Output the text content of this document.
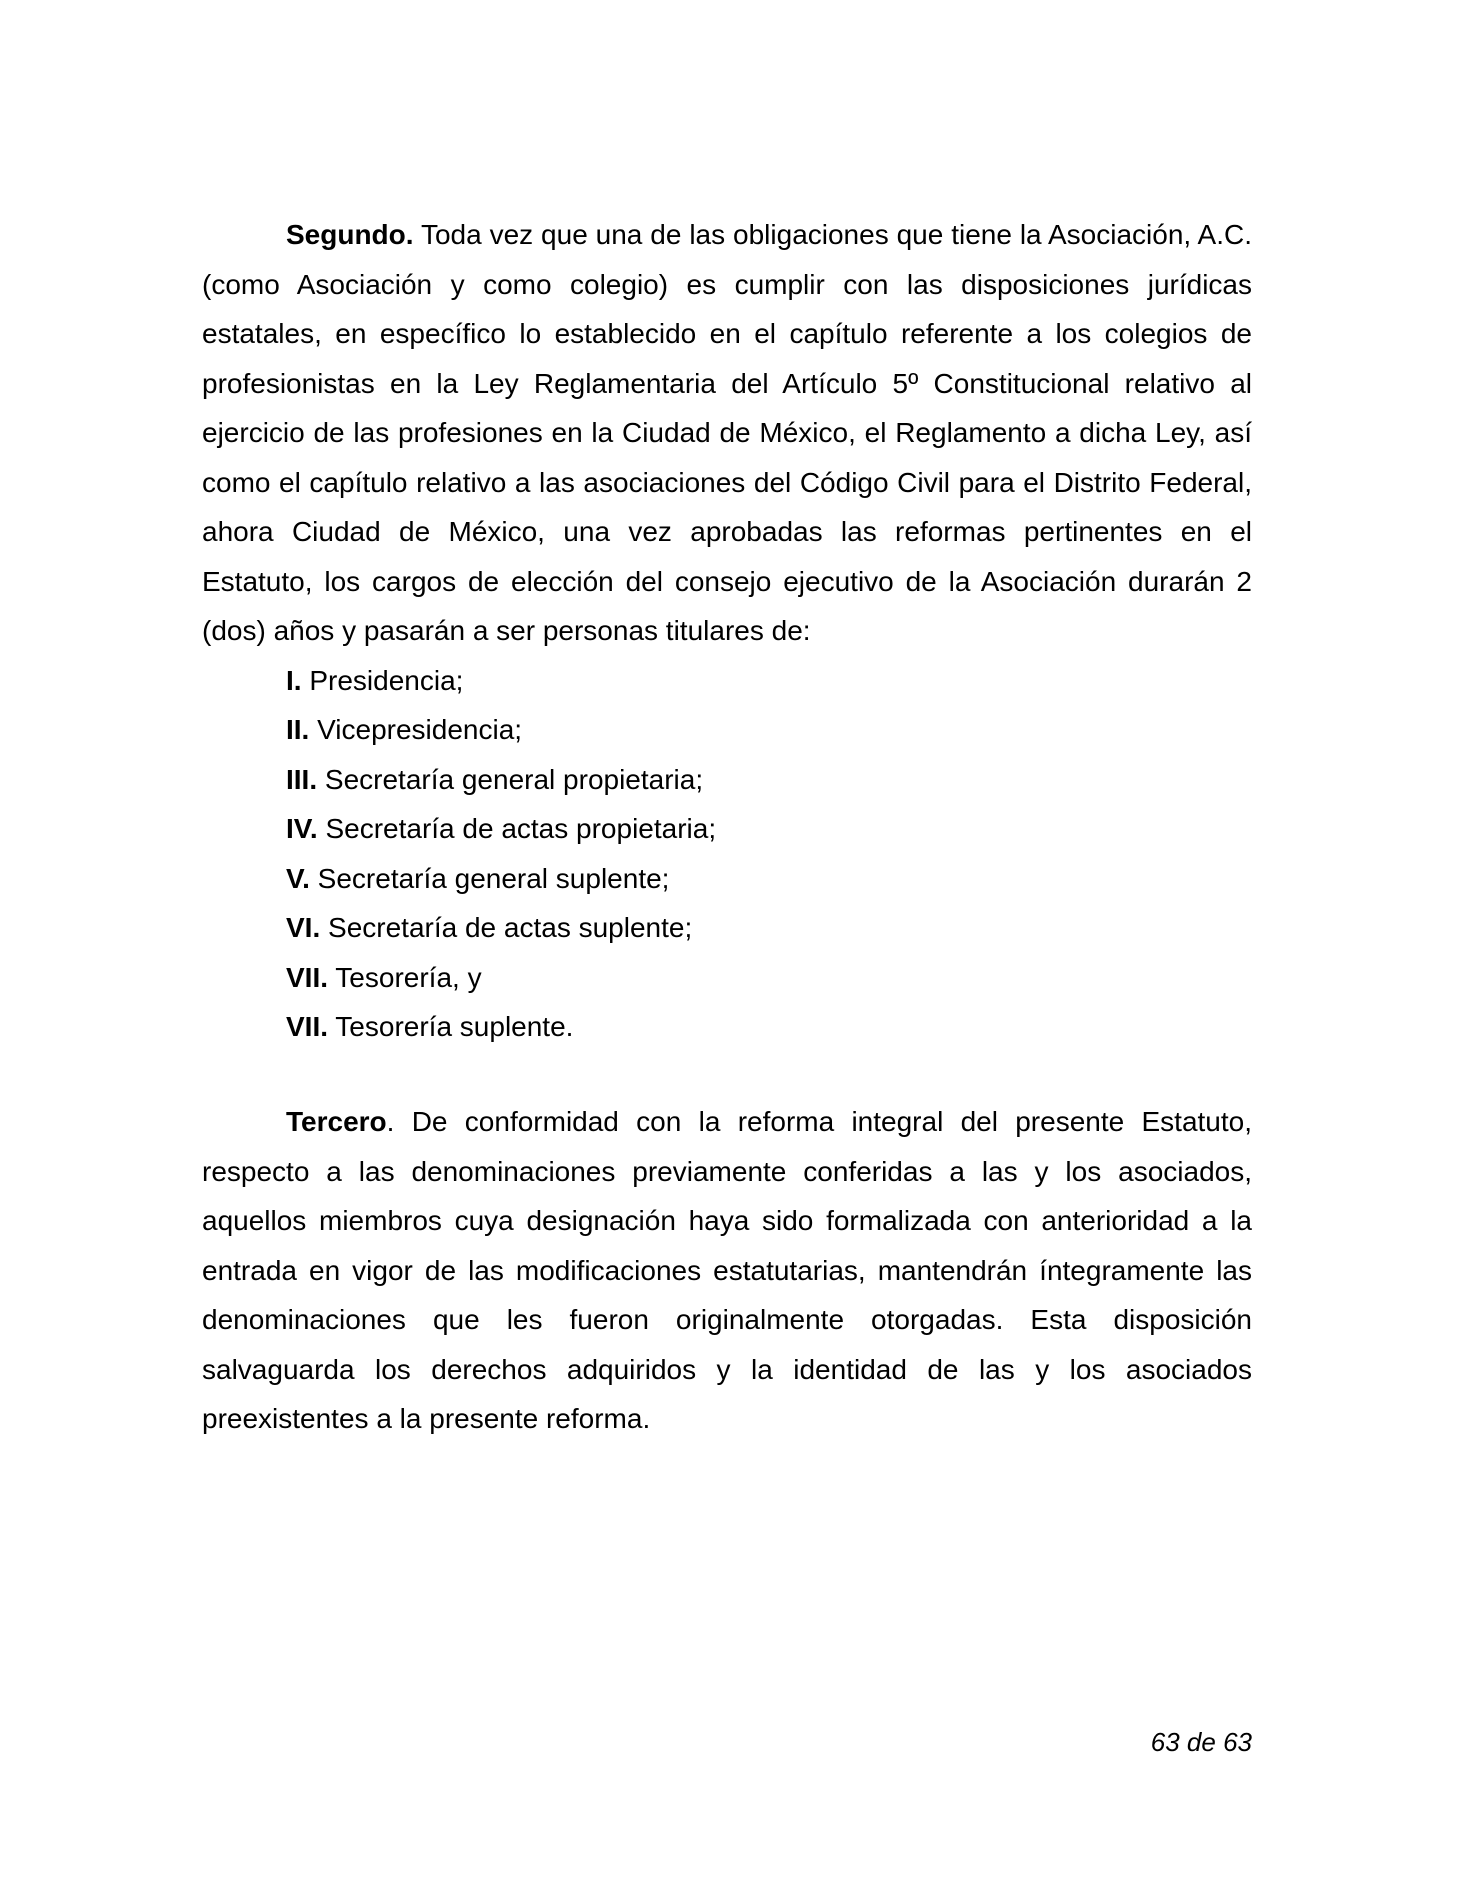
Segundo. Toda vez que una de las obligaciones que tiene la Asociación, A.C. (como Asociación y como colegio) es cumplir con las disposiciones jurídicas estatales, en específico lo establecido en el capítulo referente a los colegios de profesionistas en la Ley Reglamentaria del Artículo 5º Constitucional relativo al ejercicio de las profesiones en la Ciudad de México, el Reglamento a dicha Ley, así como el capítulo relativo a las asociaciones del Código Civil para el Distrito Federal, ahora Ciudad de México, una vez aprobadas las reformas pertinentes en el Estatuto, los cargos de elección del consejo ejecutivo de la Asociación durarán 2 (dos) años y pasarán a ser personas titulares de:

I. Presidencia;
II. Vicepresidencia;
III. Secretaría general propietaria;
IV. Secretaría de actas propietaria;
V. Secretaría general suplente;
VI. Secretaría de actas suplente;
VII. Tesorería, y
VII. Tesorería suplente.

Tercero. De conformidad con la reforma integral del presente Estatuto, respecto a las denominaciones previamente conferidas a las y los asociados, aquellos miembros cuya designación haya sido formalizada con anterioridad a la entrada en vigor de las modificaciones estatutarias, mantendrán íntegramente las denominaciones que les fueron originalmente otorgadas. Esta disposición salvaguarda los derechos adquiridos y la identidad de las y los asociados preexistentes a la presente reforma.

63 de 63
